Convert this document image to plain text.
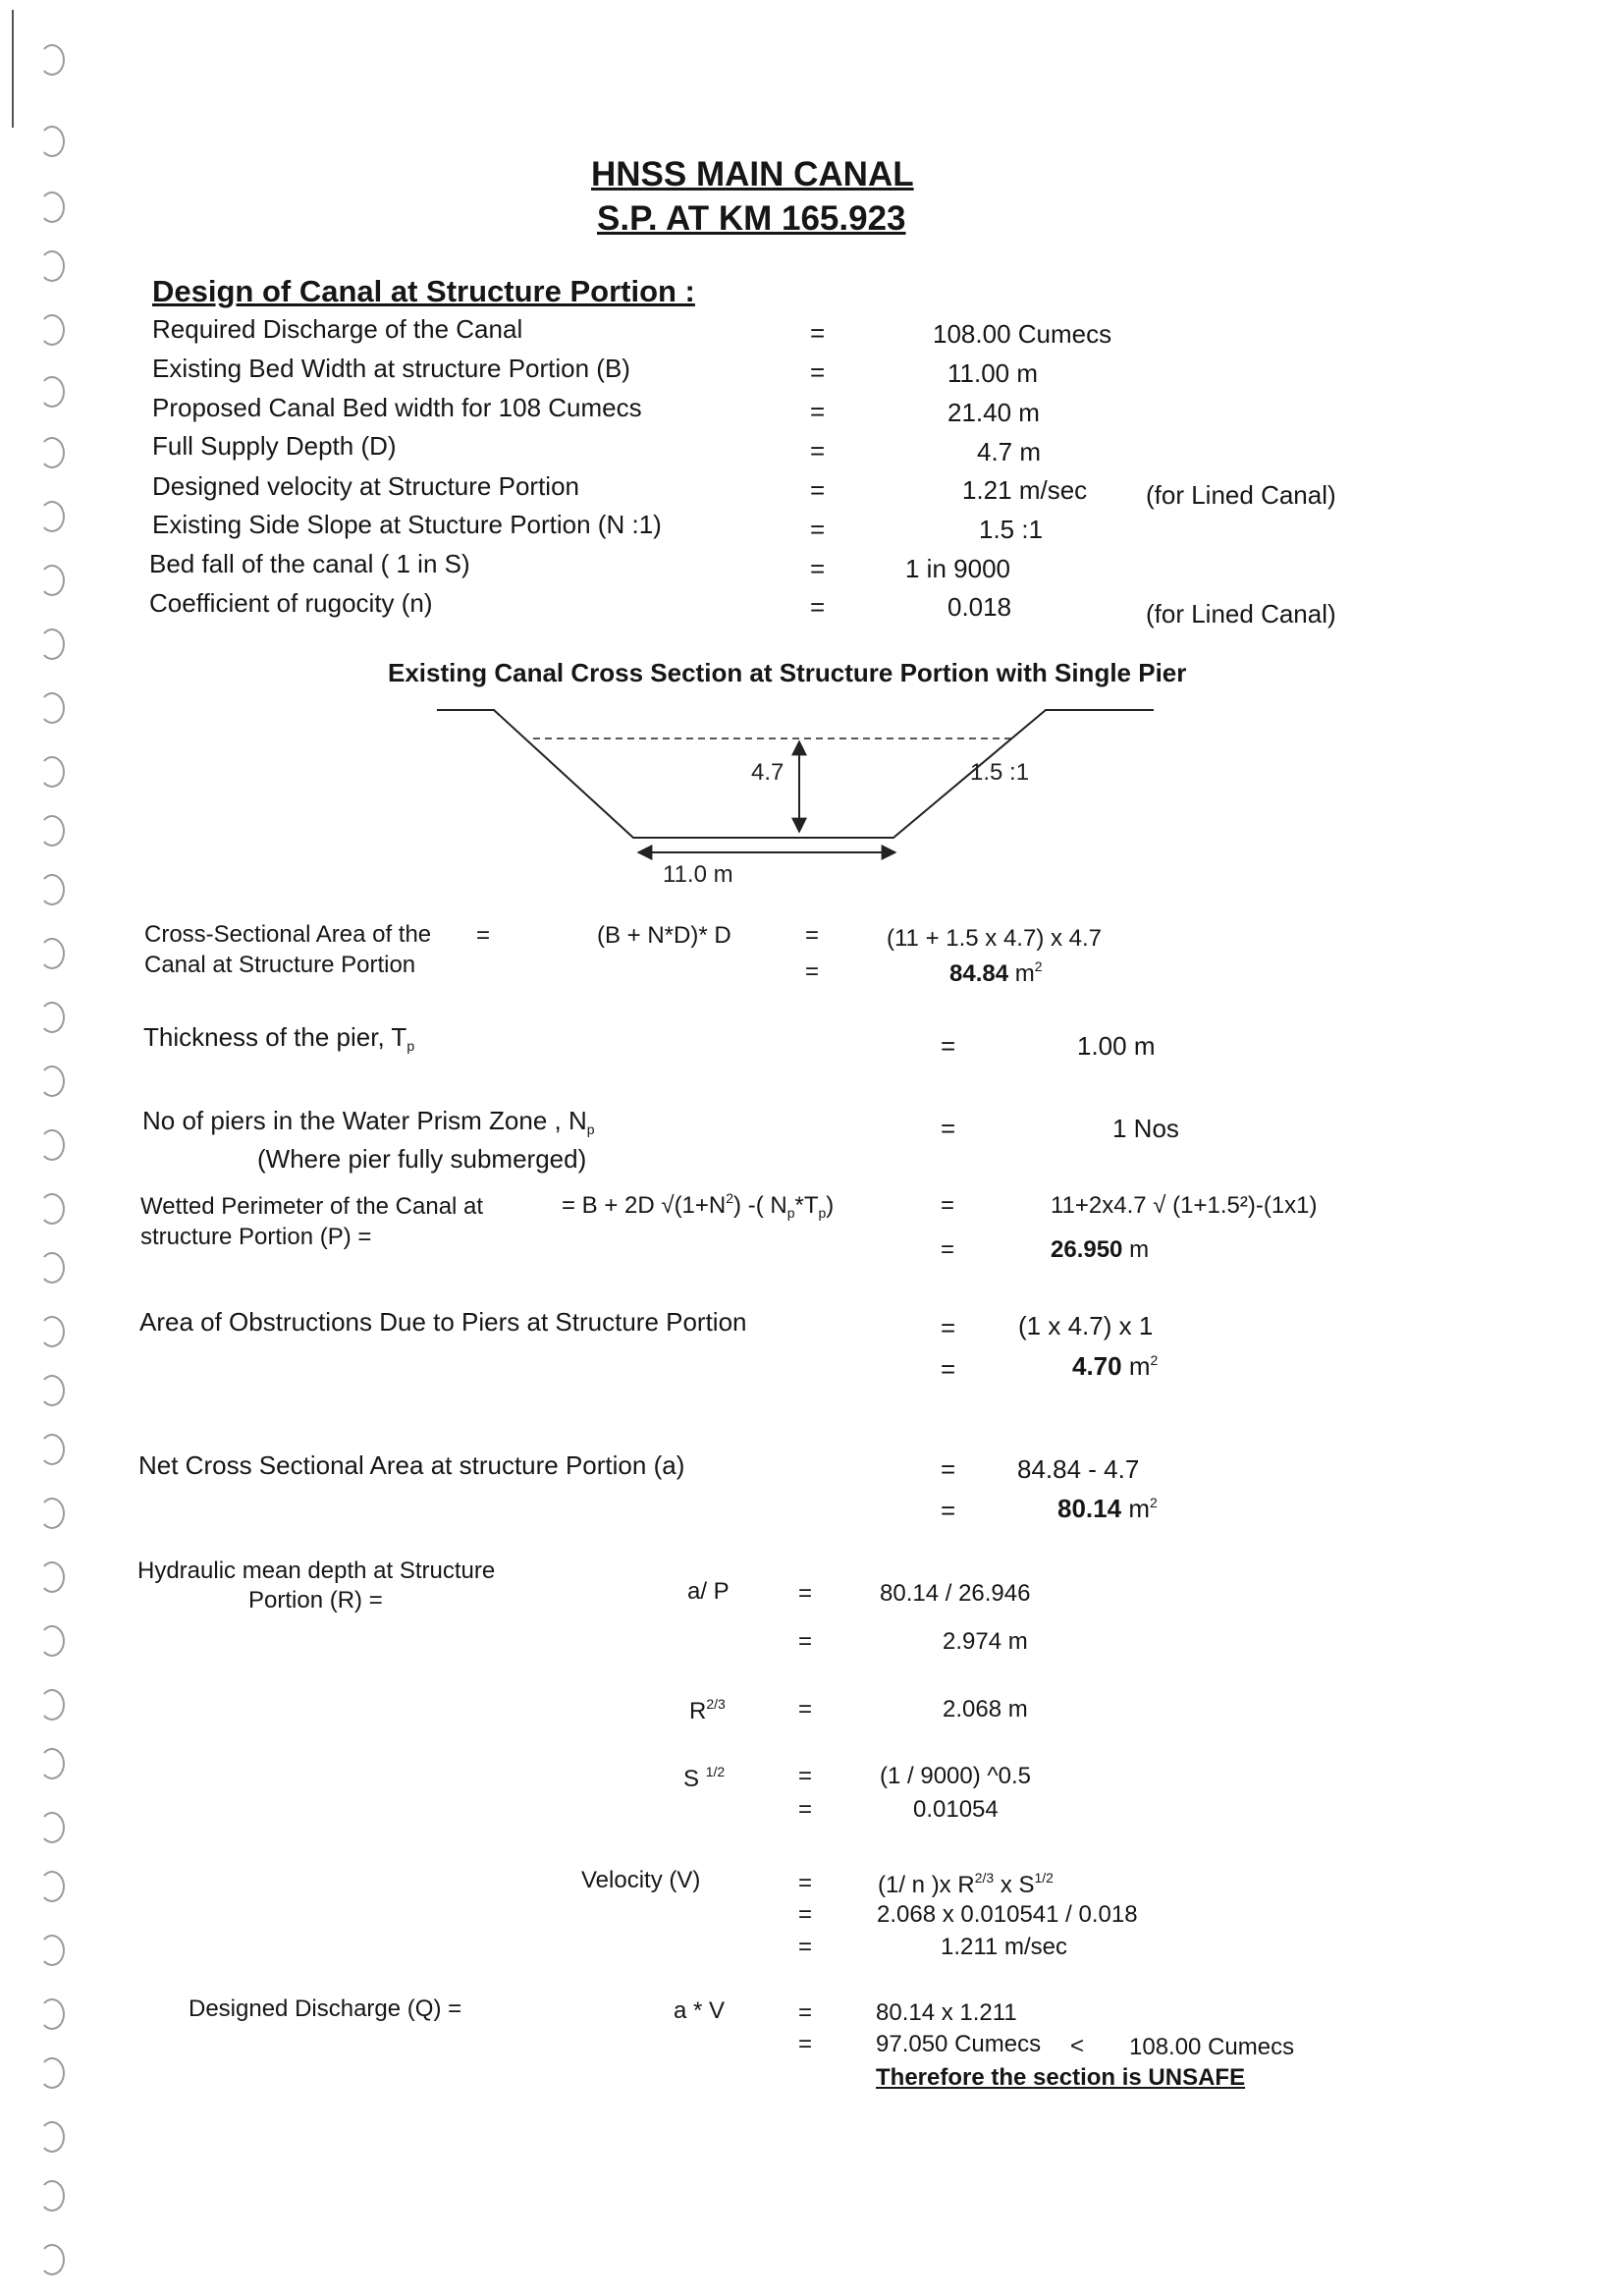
HNSS MAIN CANAL
S.P. AT KM 165.923
Design of Canal at Structure Portion :
Required Discharge of the Canal	=	108.00 Cumecs
Existing Bed Width at structure Portion (B)	=	11.00 m
Proposed Canal Bed width for 108 Cumecs	=	21.40 m
Full Supply Depth (D)	=	4.7 m
Designed velocity at Structure Portion	=	1.21 m/sec (for Lined Canal)
Existing Side Slope at Stucture Portion (N :1)	=	1.5 :1
Bed fall of the canal ( 1 in S)	=	1 in 9000
Coefficient of rugocity (n)	=	0.018	(for Lined Canal)
Existing Canal Cross Section at Structure Portion with Single Pier
4.7	1.5 :1
11.0 m
Cross-Sectional Area of the
Canal at Structure Portion
=	(B + N*D)* D	=	(11 + 1.5 x 4.7) x 4.7
=	84.84 $m^2$
Thickness of the pier, $T_p$	=	1.00 m
No of piers in the Water Prism Zone , $N_p$
(Where pier fully submerged)
=	1 Nos
Wetted Perimeter of the Canal at
structure Portion (P) =
= B + 2D $√(1+N^2)$ -( $N_p*T_p$)	=	11+2x4.7 √ (1+1.5²)-(1x1)
=	26.950 m
Area of Obstructions Due to Piers at Structure Portion	= (1 x 4.7) x 1
=	4.70 $m^2$
Net Cross Sectional Area at structure Portion (a)	= 84.84 - 4.7
=	80.14 $m^2$
Hydraulic mean depth at Structure
Portion (R) =	a/ P	=	80.14 / 26.946
=	2.974 m
$R^{2/3}$	=	2.068 m
S $^{1/2}$	=	(1 / 9000) ^0.5
=	0.01054
Velocity (V)	=	(1/ n )x $R^{2/3}$ x $S^{1/2}$
=	2.068 x 0.010541 / 0.018
=	1.211 m/sec
Designed Discharge (Q) =	a * V	=	80.14 x 1.211
=	97.050 Cumecs < 108.00 Cumecs
Therefore the section is UNSAFE
